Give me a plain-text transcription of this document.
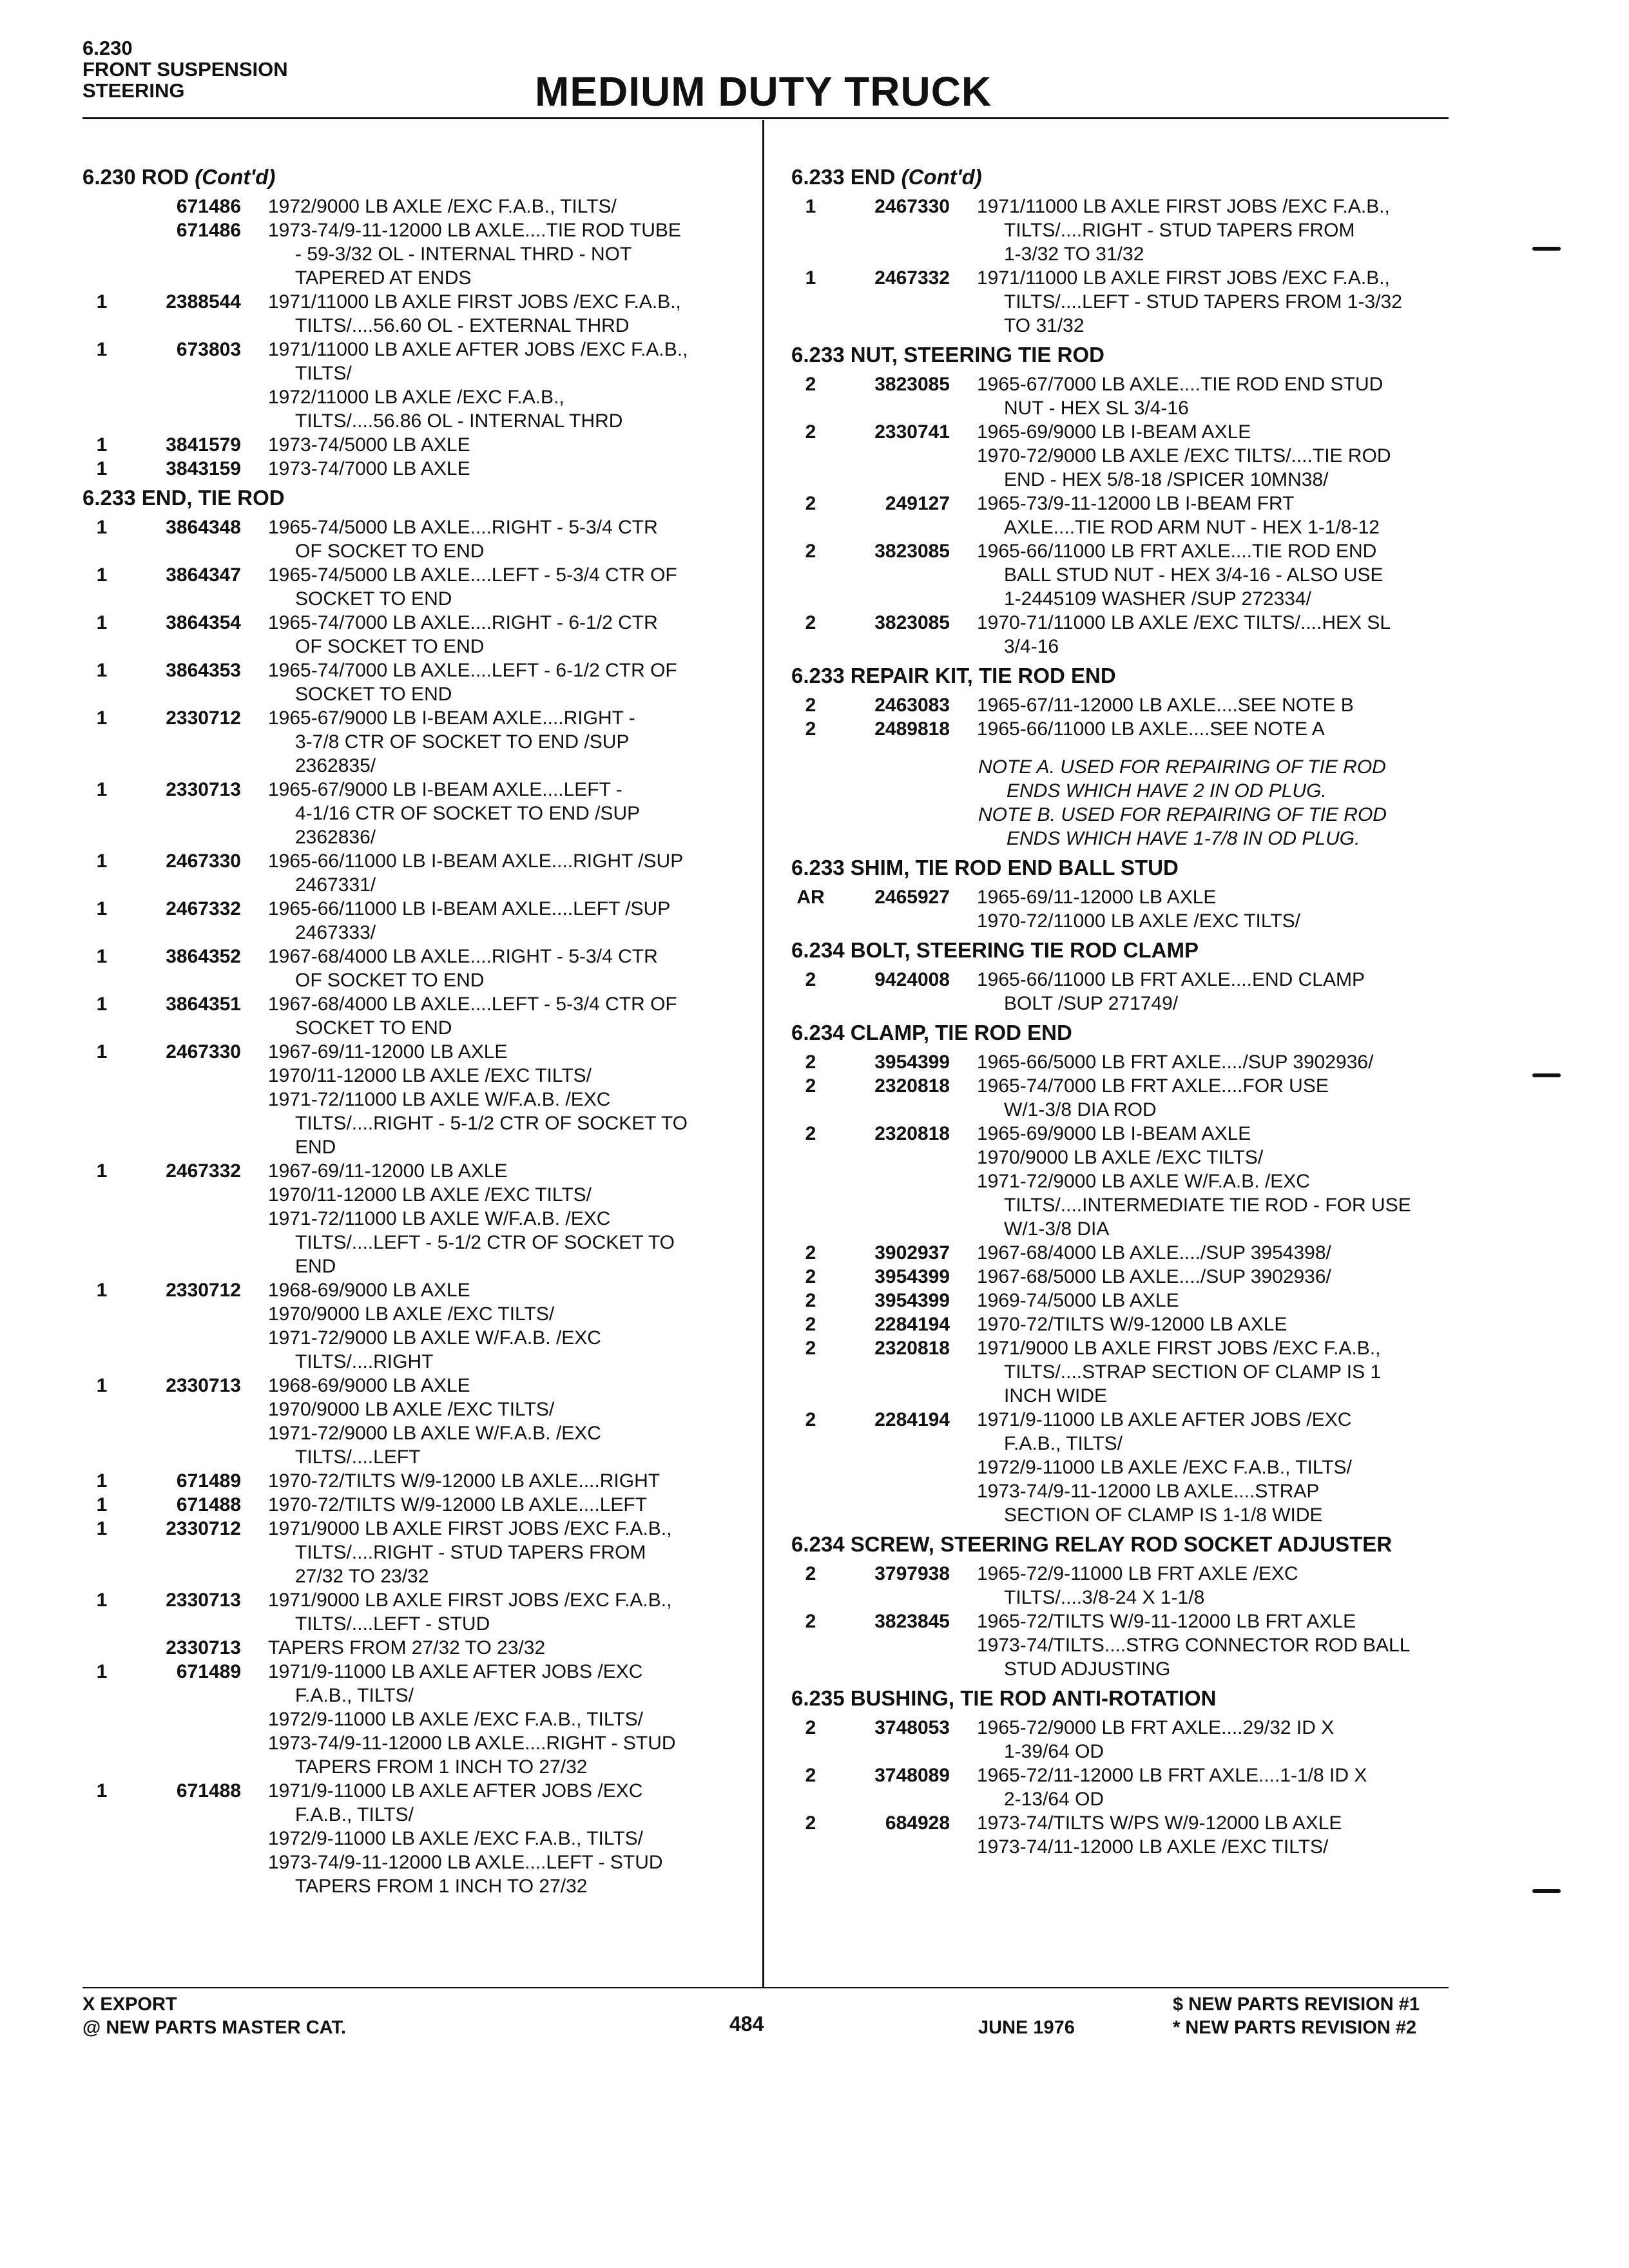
6.230
FRONT SUSPENSION
STEERING	MEDIUM DUTY TRUCK
6.230 ROD (Cont'd)
671486	1972/9000 LB AXLE /EXC F.A.B., TILTS/
671486	1973-74/9-11-12000 LB AXLE....TIE ROD TUBE
- 59-3/32 OL - INTERNAL THRD - NOT
TAPERED AT ENDS
1	2388544	1971/11000 LB AXLE FIRST JOBS /EXC F.A.B.,
TILTS/....56.60 OL - EXTERNAL THRD
1	673803	1971/11000 LB AXLE AFTER JOBS /EXC F.A.B.,
TILTS/
1972/11000 LB AXLE /EXC F.A.B.,
TILTS/....56.86 OL - INTERNAL THRD
1	3841579	1973-74/5000 LB AXLE
1	3843159	1973-74/7000 LB AXLE
6.233 END, TIE ROD
1	3864348	1965-74/5000 LB AXLE....RIGHT - 5-3/4 CTR
OF SOCKET TO END
1	3864347	1965-74/5000 LB AXLE....LEFT - 5-3/4 CTR OF
SOCKET TO END
1	3864354	1965-74/7000 LB AXLE....RIGHT - 6-1/2 CTR
OF SOCKET TO END
1	3864353	1965-74/7000 LB AXLE....LEFT - 6-1/2 CTR OF
SOCKET TO END
1	2330712	1965-67/9000 LB I-BEAM AXLE....RIGHT -
3-7/8 CTR OF SOCKET TO END /SUP
2362835/
1	2330713	1965-67/9000 LB I-BEAM AXLE....LEFT -
4-1/16 CTR OF SOCKET TO END /SUP
2362836/
1	2467330	1965-66/11000 LB I-BEAM AXLE....RIGHT /SUP
2467331/
1	2467332	1965-66/11000 LB I-BEAM AXLE....LEFT /SUP
2467333/
1	3864352	1967-68/4000 LB AXLE....RIGHT - 5-3/4 CTR
OF SOCKET TO END
1	3864351	1967-68/4000 LB AXLE....LEFT - 5-3/4 CTR OF
SOCKET TO END
1	2467330	1967-69/11-12000 LB AXLE
1970/11-12000 LB AXLE /EXC TILTS/
1971-72/11000 LB AXLE W/F.A.B. /EXC
TILTS/....RIGHT - 5-1/2 CTR OF SOCKET TO
END
1	2467332	1967-69/11-12000 LB AXLE
1970/11-12000 LB AXLE /EXC TILTS/
1971-72/11000 LB AXLE W/F.A.B. /EXC
TILTS/....LEFT - 5-1/2 CTR OF SOCKET TO
END
1	2330712	1968-69/9000 LB AXLE
1970/9000 LB AXLE /EXC TILTS/
1971-72/9000 LB AXLE W/F.A.B. /EXC
TILTS/....RIGHT
1	2330713	1968-69/9000 LB AXLE
1970/9000 LB AXLE /EXC TILTS/
1971-72/9000 LB AXLE W/F.A.B. /EXC
TILTS/....LEFT
1	671489	1970-72/TILTS W/9-12000 LB AXLE....RIGHT
1	671488	1970-72/TILTS W/9-12000 LB AXLE....LEFT
1	2330712	1971/9000 LB AXLE FIRST JOBS /EXC F.A.B.,
TILTS/....RIGHT - STUD TAPERS FROM
27/32 TO 23/32
1	2330713	1971/9000 LB AXLE FIRST JOBS /EXC F.A.B.,
TILTS/....LEFT - STUD
2330713	TAPERS FROM 27/32 TO 23/32
1	671489	1971/9-11000 LB AXLE AFTER JOBS /EXC
F.A.B., TILTS/
1972/9-11000 LB AXLE /EXC F.A.B., TILTS/
1973-74/9-11-12000 LB AXLE....RIGHT - STUD
TAPERS FROM 1 INCH TO 27/32
1	671488	1971/9-11000 LB AXLE AFTER JOBS /EXC
F.A.B., TILTS/
1972/9-11000 LB AXLE /EXC F.A.B., TILTS/
1973-74/9-11-12000 LB AXLE....LEFT - STUD
TAPERS FROM 1 INCH TO 27/32
6.233 END (Cont'd)
1	2467330	1971/11000 LB AXLE FIRST JOBS /EXC F.A.B.,
TILTS/....RIGHT - STUD TAPERS FROM
1-3/32 TO 31/32
1	2467332	1971/11000 LB AXLE FIRST JOBS /EXC F.A.B.,
TILTS/....LEFT - STUD TAPERS FROM 1-3/32
TO 31/32
6.233 NUT, STEERING TIE ROD
2	3823085	1965-67/7000 LB AXLE....TIE ROD END STUD
NUT - HEX SL 3/4-16
2	2330741	1965-69/9000 LB I-BEAM AXLE
1970-72/9000 LB AXLE /EXC TILTS/....TIE ROD
END - HEX 5/8-18 /SPICER 10MN38/
2	249127	1965-73/9-11-12000 LB I-BEAM FRT
AXLE....TIE ROD ARM NUT - HEX 1-1/8-12
2	3823085	1965-66/11000 LB FRT AXLE....TIE ROD END
BALL STUD NUT - HEX 3/4-16 - ALSO USE
1-2445109 WASHER /SUP 272334/
2	3823085	1970-71/11000 LB AXLE /EXC TILTS/....HEX SL
3/4-16
6.233 REPAIR KIT, TIE ROD END
2	2463083	1965-67/11-12000 LB AXLE....SEE NOTE B
2	2489818	1965-66/11000 LB AXLE....SEE NOTE A
NOTE A. USED FOR REPAIRING OF TIE ROD
ENDS WHICH HAVE 2 IN OD PLUG.
NOTE B. USED FOR REPAIRING OF TIE ROD
ENDS WHICH HAVE 1-7/8 IN OD PLUG.
6.233 SHIM, TIE ROD END BALL STUD
AR	2465927	1965-69/11-12000 LB AXLE
1970-72/11000 LB AXLE /EXC TILTS/
6.234 BOLT, STEERING TIE ROD CLAMP
2	9424008	1965-66/11000 LB FRT AXLE....END CLAMP
BOLT /SUP 271749/
6.234 CLAMP, TIE ROD END
2	3954399	1965-66/5000 LB FRT AXLE..../SUP 3902936/
2	2320818	1965-74/7000 LB FRT AXLE....FOR USE
W/1-3/8 DIA ROD
2	2320818	1965-69/9000 LB I-BEAM AXLE
1970/9000 LB AXLE /EXC TILTS/
1971-72/9000 LB AXLE W/F.A.B. /EXC
TILTS/....INTERMEDIATE TIE ROD - FOR USE
W/1-3/8 DIA
2	3902937	1967-68/4000 LB AXLE..../SUP 3954398/
2	3954399	1967-68/5000 LB AXLE..../SUP 3902936/
2	3954399	1969-74/5000 LB AXLE
2	2284194	1970-72/TILTS W/9-12000 LB AXLE
2	2320818	1971/9000 LB AXLE FIRST JOBS /EXC F.A.B.,
TILTS/....STRAP SECTION OF CLAMP IS 1
INCH WIDE
2	2284194	1971/9-11000 LB AXLE AFTER JOBS /EXC
F.A.B., TILTS/
1972/9-11000 LB AXLE /EXC F.A.B., TILTS/
1973-74/9-11-12000 LB AXLE....STRAP
SECTION OF CLAMP IS 1-1/8 WIDE
6.234 SCREW, STEERING RELAY ROD SOCKET ADJUSTER
2	3797938	1965-72/9-11000 LB FRT AXLE /EXC
TILTS/....3/8-24 X 1-1/8
2	3823845	1965-72/TILTS W/9-11-12000 LB FRT AXLE
1973-74/TILTS....STRG CONNECTOR ROD BALL
STUD ADJUSTING
6.235 BUSHING, TIE ROD ANTI-ROTATION
2	3748053	1965-72/9000 LB FRT AXLE....29/32 ID X
1-39/64 OD
2	3748089	1965-72/11-12000 LB FRT AXLE....1-1/8 ID X
2-13/64 OD
2	684928	1973-74/TILTS W/PS W/9-12000 LB AXLE
1973-74/11-12000 LB AXLE /EXC TILTS/
X EXPORT
@ NEW PARTS MASTER CAT.	484	JUNE 1976
$ NEW PARTS REVISION #1
* NEW PARTS REVISION #2
